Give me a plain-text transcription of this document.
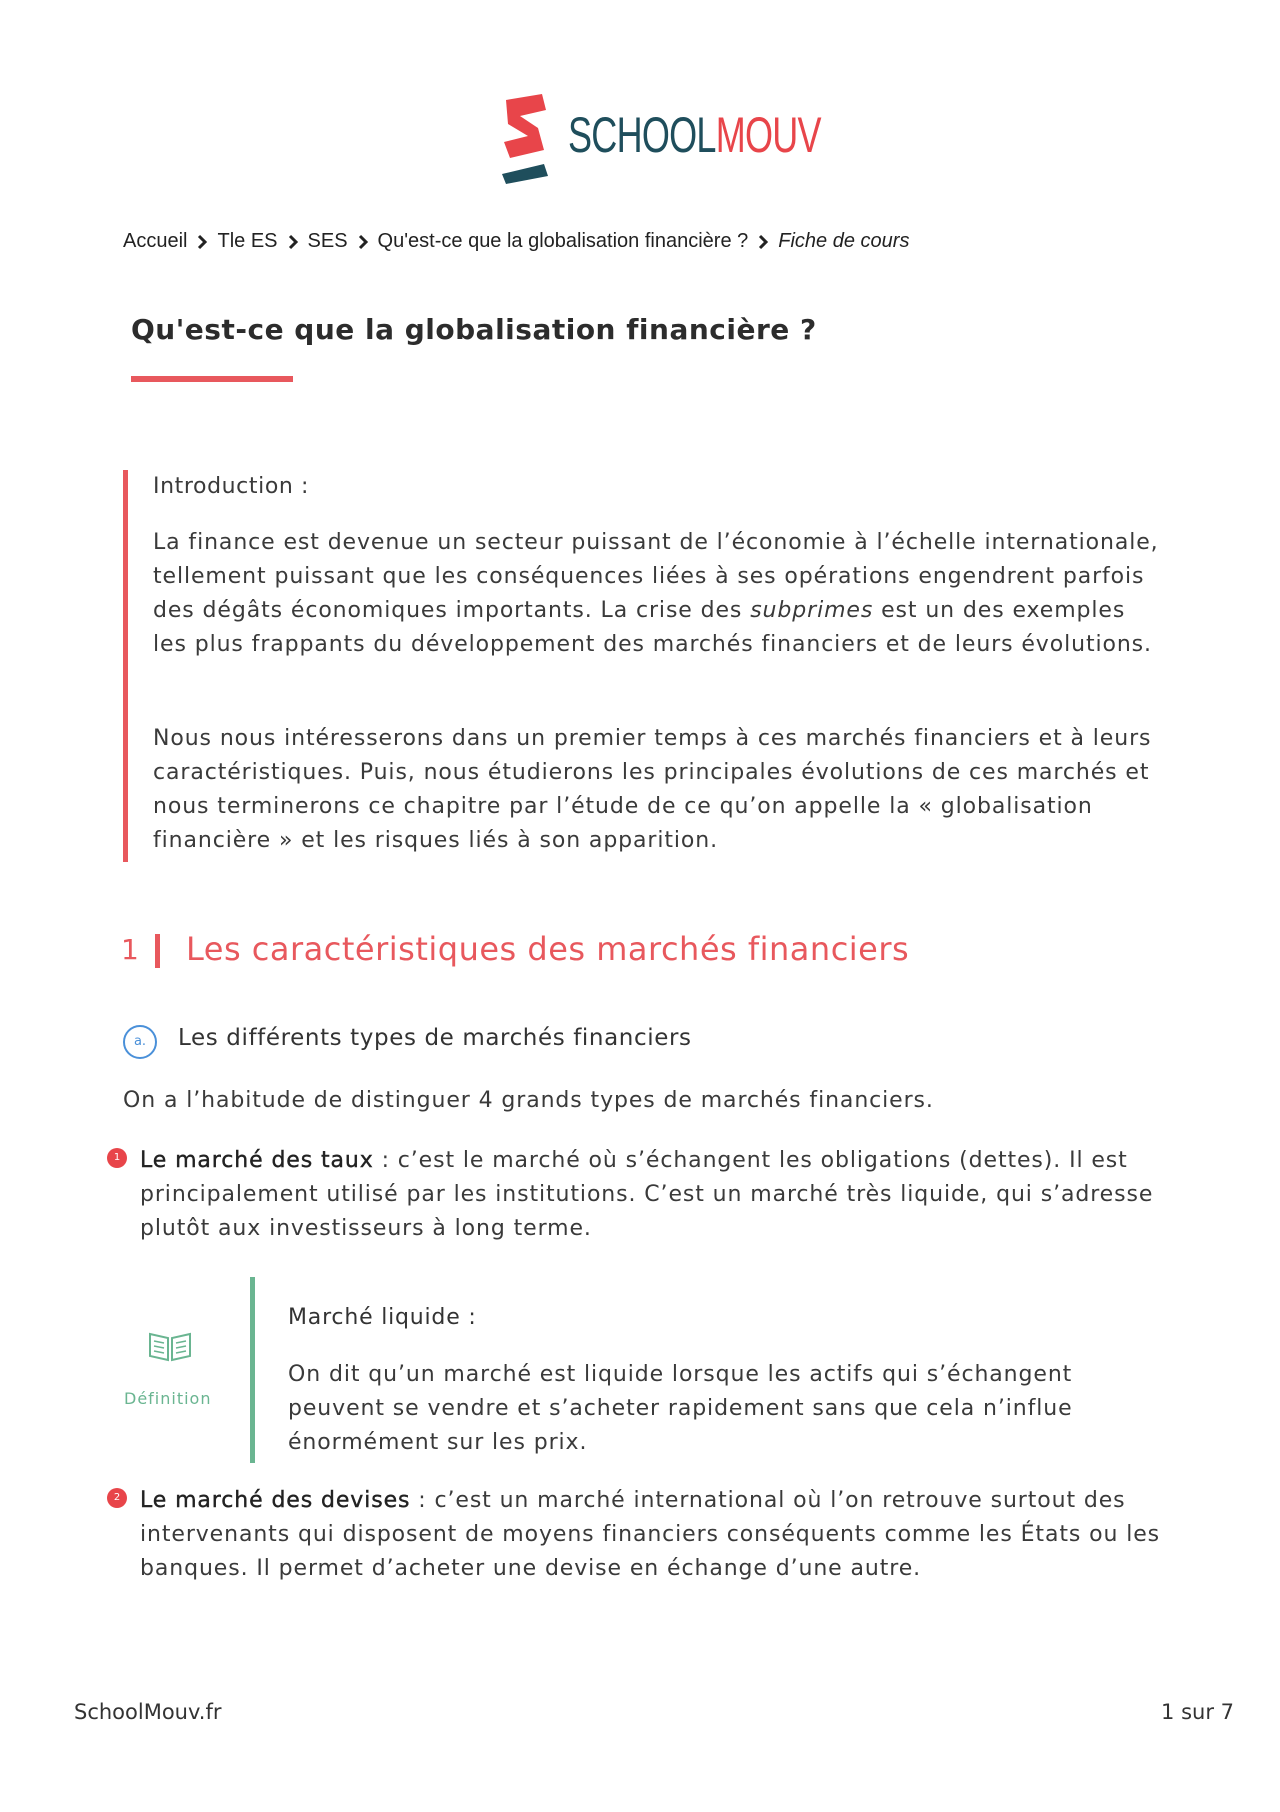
SCHOOLMOUV
Accueil Tle ES SES Qu'est-ce que la globalisation financière ? Fiche de cours
Qu'est-ce que la globalisation financière ?
Introduction :

La finance est devenue un secteur puissant de l’économie à l’échelle internationale, tellement puissant que les conséquences liées à ses opérations engendrent parfois des dégâts économiques importants. La crise des subprimes est un des exemples les plus frappants du développement des marchés financiers et de leurs évolutions.

Nous nous intéresserons dans un premier temps à ces marchés financiers et à leurs caractéristiques. Puis, nous étudierons les principales évolutions de ces marchés et nous terminerons ce chapitre par l’étude de ce qu’on appelle la « globalisation financière » et les risques liés à son apparition.

1 Les caractéristiques des marchés financiers
a.	Les différents types de marchés financiers

On a l’habitude de distinguer 4 grands types de marchés financiers.

1 Le marché des taux : c’est le marché où s’échangent les obligations (dettes). Il est principalement utilisé par les institutions. C’est un marché très liquide, qui s’adresse plutôt aux investisseurs à long terme.

Définition
Marché liquide :

On dit qu’un marché est liquide lorsque les actifs qui s’échangent peuvent se vendre et s’acheter rapidement sans que cela n’influe énormément sur les prix.

2 Le marché des devises : c’est un marché international où l’on retrouve surtout des intervenants qui disposent de moyens financiers conséquents comme les États ou les banques. Il permet d’acheter une devise en échange d’une autre.

SchoolMouv.fr	1 sur 7
